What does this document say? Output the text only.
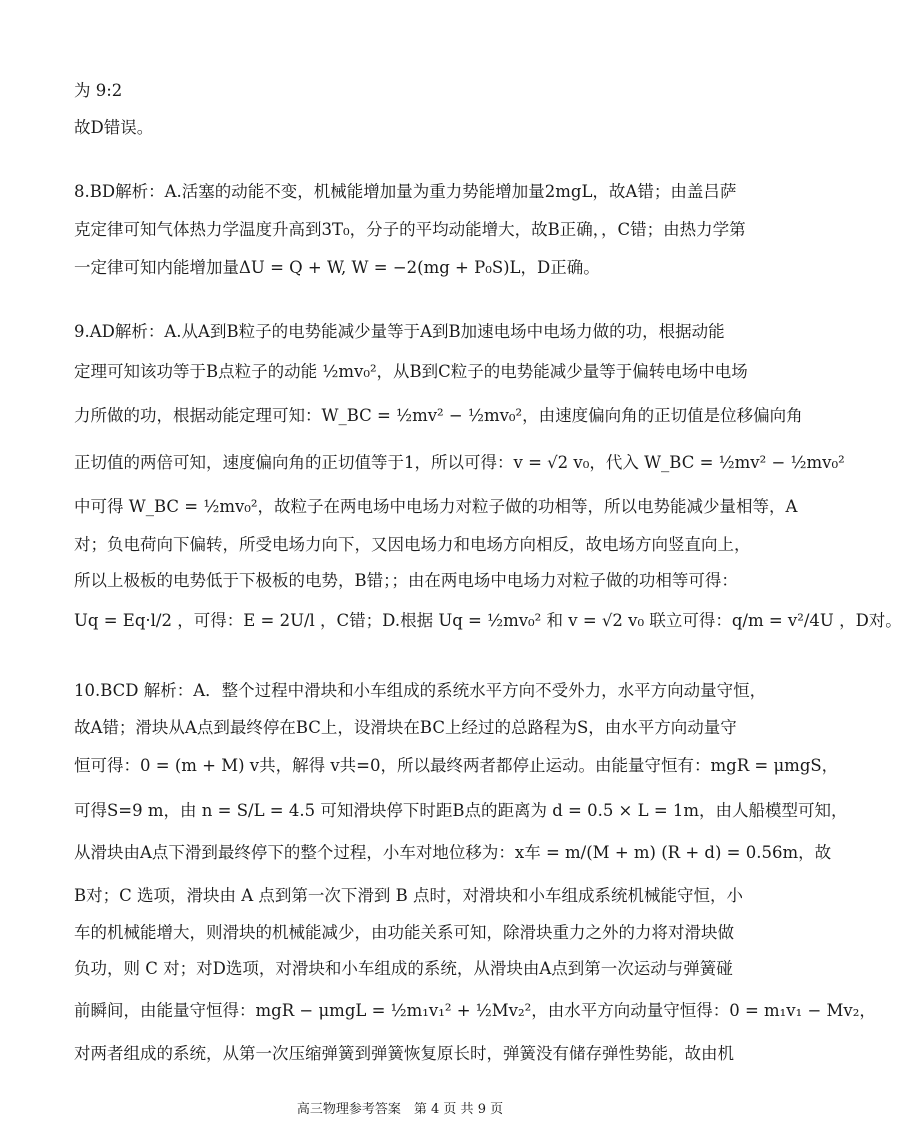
为 9:2
故D错误。
8.BD解析：A.活塞的动能不变，机械能增加量为重力势能增加量2mgL，故A错；由盖吕萨
克定律可知气体热力学温度升高到3T₀，分子的平均动能增大，故B正确，，C错；由热力学第
一定律可知内能增加量ΔU = Q + W, W = −2(mg + P₀S)L，D正确。
9.AD解析：A.从A到B粒子的电势能减少量等于A到B加速电场中电场力做的功，根据动能
定理可知该功等于B点粒子的动能 ½mv₀²，从B到C粒子的电势能减少量等于偏转电场中电场
力所做的功，根据动能定理可知：W_BC = ½mv² − ½mv₀²，由速度偏向角的正切值是位移偏向角
正切值的两倍可知，速度偏向角的正切值等于1，所以可得：v = √2 v₀，代入 W_BC = ½mv² − ½mv₀²
中可得 W_BC = ½mv₀²，故粒子在两电场中电场力对粒子做的功相等，所以电势能减少量相等，A
对；负电荷向下偏转，所受电场力向下，又因电场力和电场方向相反，故电场方向竖直向上，
所以上极板的电势低于下极板的电势，B错；；由在两电场中电场力对粒子做的功相等可得：
Uq = Eq·l/2 ，可得：E = 2U/l ，C错；D.根据 Uq = ½mv₀² 和 v = √2 v₀ 联立可得：q/m = v²/4U ，D对。
10.BCD 解析：A．整个过程中滑块和小车组成的系统水平方向不受外力，水平方向动量守恒，
故A错；滑块从A点到最终停在BC上，设滑块在BC上经过的总路程为S，由水平方向动量守
恒可得：0 = (m + M) v共，解得 v共=0，所以最终两者都停止运动。由能量守恒有：mgR = μmgS，
可得S=9 m，由 n = S/L = 4.5 可知滑块停下时距B点的距离为 d = 0.5 × L = 1m，由人船模型可知，
从滑块由A点下滑到最终停下的整个过程，小车对地位移为：x车 = m/(M + m) (R + d) = 0.56m，故
B对；C 选项，滑块由 A 点到第一次下滑到 B 点时，对滑块和小车组成系统机械能守恒，小
车的机械能增大，则滑块的机械能减少，由功能关系可知，除滑块重力之外的力将对滑块做
负功，则 C 对；对D选项，对滑块和小车组成的系统，从滑块由A点到第一次运动与弹簧碰
前瞬间，由能量守恒得：mgR − μmgL = ½m₁v₁² + ½Mv₂²，由水平方向动量守恒得：0 = m₁v₁ − Mv₂，
对两者组成的系统，从第一次压缩弹簧到弹簧恢复原长时，弹簧没有储存弹性势能，故由机
高三物理参考答案　第 4 页 共 9 页
